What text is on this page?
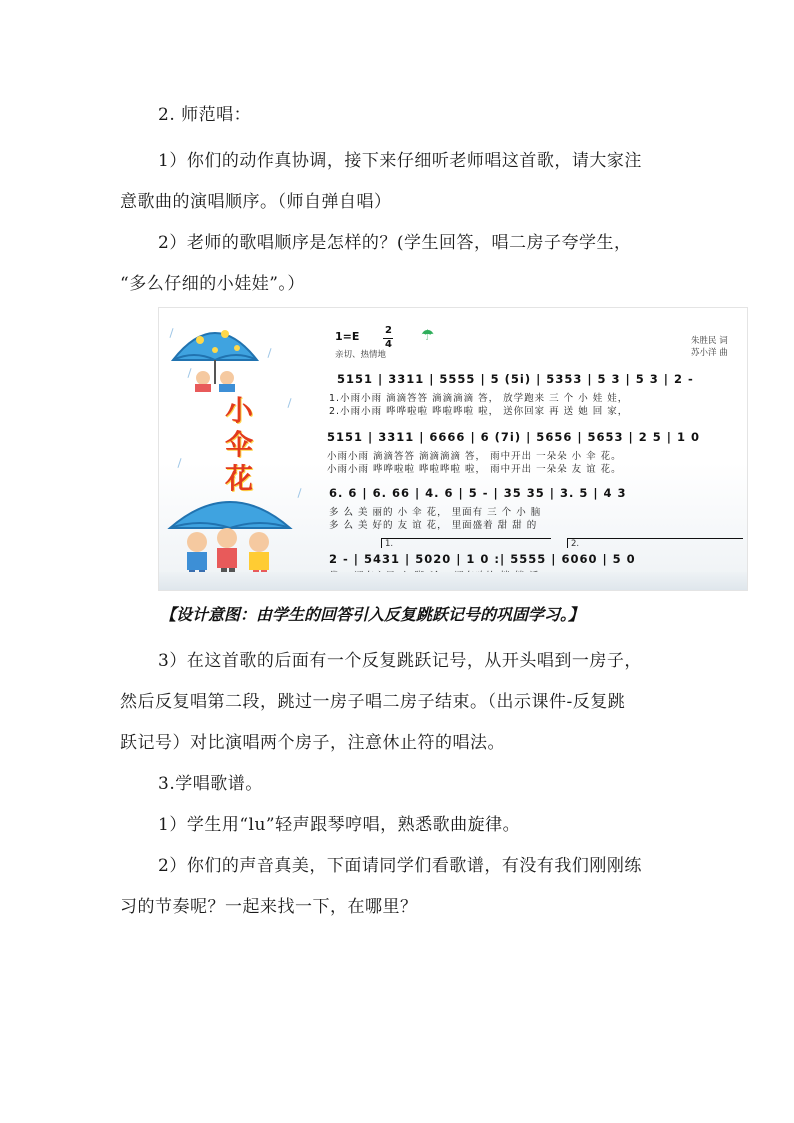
2. 师范唱：
1）你们的动作真协调，接下来仔细听老师唱这首歌，请大家注
意歌曲的演唱顺序。（师自弹自唱）
2）老师的歌唱顺序是怎样的？(学生回答，唱二房子夸学生，
“多么仔细的小娃娃”。）
小
伞
花
1=E	2
4
☂
亲切、热情地
朱胜民 词
苏小洋 曲
5151 | 3311 | 5555 | 5 (5i) | 5353 | 5 3 | 5 3 | 2 -
1.小雨小雨 滴滴答答 滴滴滴滴 答， 放学跑来 三 个 小 娃 娃，
2.小雨小雨 哗哗啦啦 哗啦哗啦 啦， 送你回家 再 送 她 回 家，
5151 | 3311 | 6666 | 6 (7i) | 5656 | 5653 | 2 5 | 1 0
小雨小雨 滴滴答答 滴滴滴滴 答， 雨中开出 一朵朵 小 伞 花。
小雨小雨 哗哗啦啦 哗啦哗啦 啦， 雨中开出 一朵朵 友 谊 花。
6. 6 | 6. 66 | 4. 6 | 5 - | 35 35 | 3. 5 | 4 3
多 么 美 丽的 小 伞 花， 里面有 三 个 小 脑
多 么 美 好的 友 谊 花， 里面盛着 甜 甜 的
1.	2.
2 - | 5431 | 5020 | 1 0 :| 5555 | 6060 | 5 0
【设计意图：由学生的回答引入反复跳跃记号的巩固学习。】
3）在这首歌的后面有一个反复跳跃记号，从开头唱到一房子，
然后反复唱第二段，跳过一房子唱二房子结束。（出示课件-反复跳
跃记号）对比演唱两个房子，注意休止符的唱法。
3.学唱歌谱。
1）学生用“lu”轻声跟琴哼唱，熟悉歌曲旋律。
2）你们的声音真美，下面请同学们看歌谱，有没有我们刚刚练
习的节奏呢？一起来找一下，在哪里？
